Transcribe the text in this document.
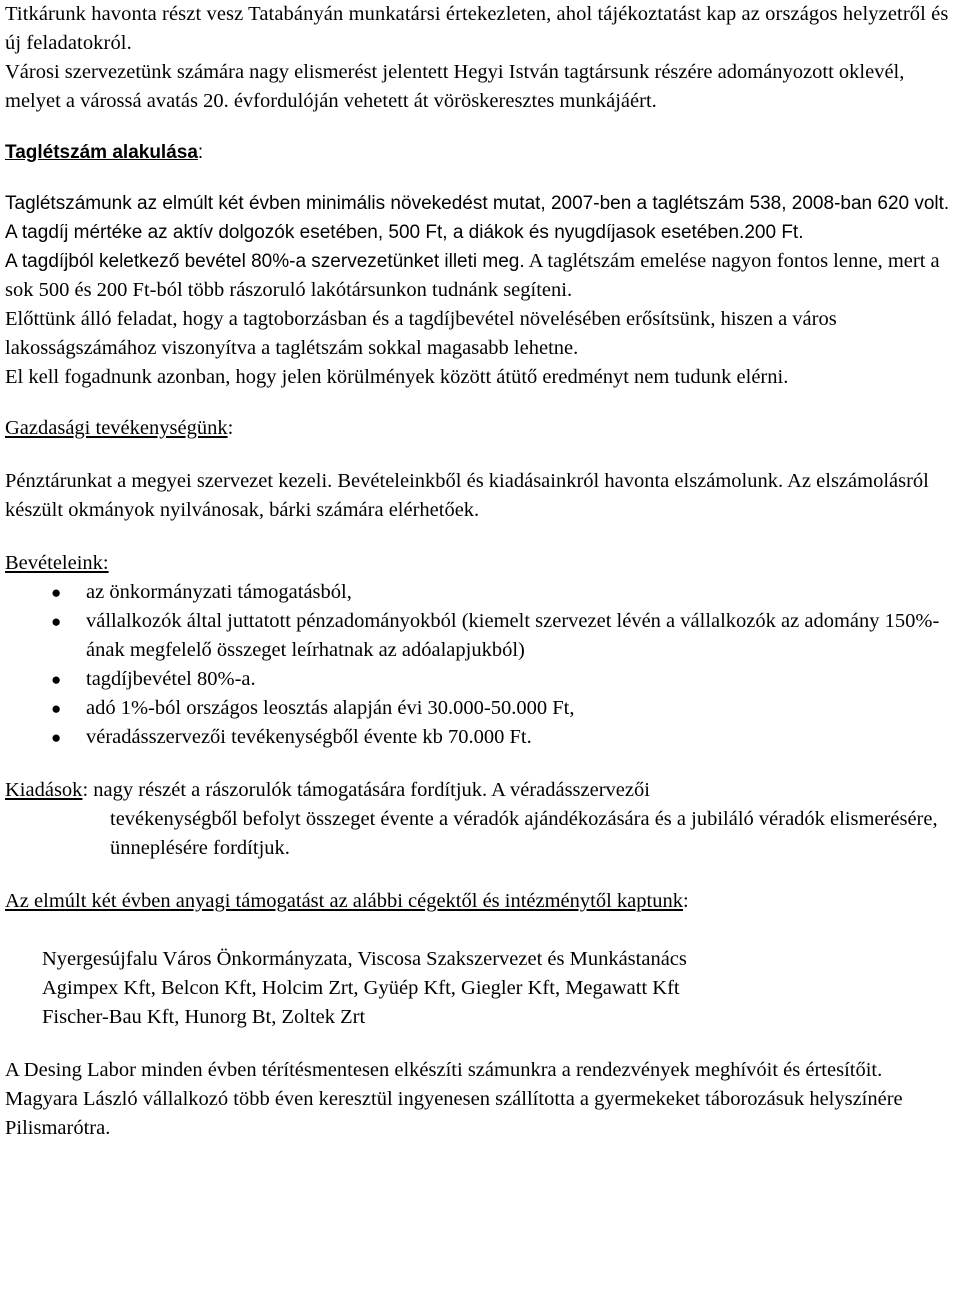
Titkárunk havonta részt vesz Tatabányán munkatársi értekezleten, ahol tájékoztatást kap az országos helyzetről és új feladatokról.

Városi szervezetünk számára nagy elismerést jelentett Hegyi István tagtársunk részére adományozott oklevél, melyet a várossá avatás 20. évfordulóján vehetett át vöröskeresztes munkájáért.

Taglétszám alakulása:

Taglétszámunk az elmúlt két évben minimális növekedést mutat, 2007-ben a taglétszám 538, 2008-ban 620 volt.

A tagdíj mértéke az aktív dolgozók esetében, 500 Ft, a diákok és nyugdíjasok esetében.200 Ft.

A tagdíjból keletkező bevétel 80%-a szervezetünket illeti meg. A taglétszám emelése nagyon fontos lenne, mert a sok 500 és 200 Ft-ból több rászoruló lakótársunkon tudnánk segíteni.

Előttünk álló feladat, hogy a tagtoborzásban és a tagdíjbevétel növelésében erősítsünk, hiszen a város lakosságszámához viszonyítva a taglétszám sokkal magasabb lehetne.

El kell fogadnunk azonban, hogy jelen körülmények között átütő eredményt nem tudunk elérni.

Gazdasági tevékenységünk:

Pénztárunkat a megyei szervezet kezeli. Bevételeinkből és kiadásainkról havonta elszámolunk. Az elszámolásról készült okmányok nyilvánosak, bárki számára elérhetőek.

Bevételeink:

● az önkormányzati támogatásból,
● vállalkozók által juttatott pénzadományokból (kiemelt szervezet lévén a vállalkozók az adomány 150%-ának megfelelő összeget leírhatnak az adóalapjukból)
● tagdíjbevétel 80%-a.
● adó 1%-ból országos leosztás alapján évi 30.000-50.000 Ft,
● véradásszervezői tevékenységből évente kb 70.000 Ft.

Kiadások: nagy részét a rászorulók támogatására fordítjuk. A véradásszervezői

tevékenységből befolyt összeget évente a véradók ajándékozására és a jubiláló véradók elismerésére, ünneplésére fordítjuk.

Az elmúlt két évben anyagi támogatást az alábbi cégektől és intézménytől kaptunk:

Nyergesújfalu Város Önkormányzata, Viscosa Szakszervezet és Munkástanács

Agimpex Kft, Belcon Kft, Holcim Zrt, Gyüép Kft, Giegler Kft, Megawatt Kft

Fischer-Bau Kft, Hunorg Bt, Zoltek Zrt

A Desing Labor minden évben térítésmentesen elkészíti számunkra a rendezvények meghívóit és értesítőit.

Magyara László vállalkozó több éven keresztül ingyenesen szállította a gyermekeket táborozásuk helyszínére Pilismarótra.
